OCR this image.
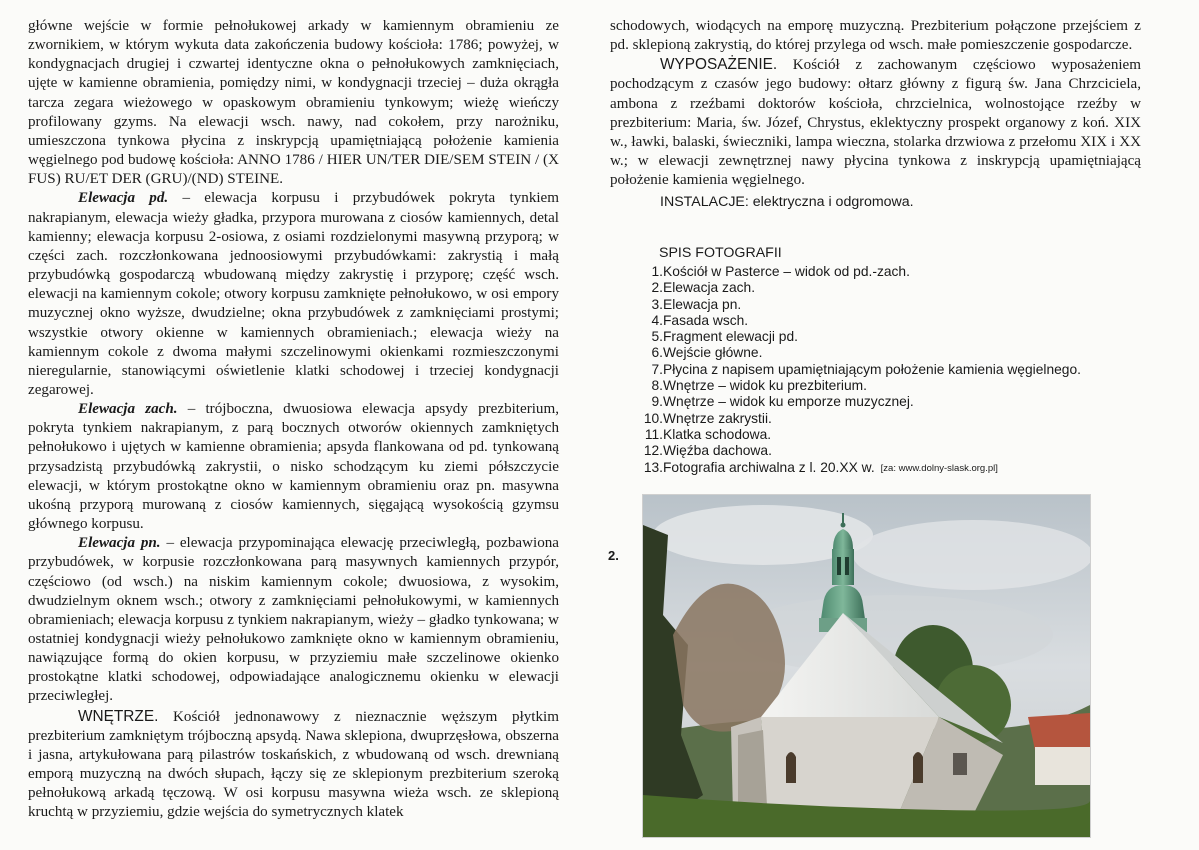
główne wejście w formie pełnołukowej arkady w kamiennym obramieniu ze zwornikiem, w którym wykuta data zakończenia budowy kościoła: 1786; powyżej, w kondygnacjach drugiej i czwartej identyczne okna o pełnołukowych zamknięciach, ujęte w kamienne obramienia, pomiędzy nimi, w kondygnacji trzeciej – duża okrągła tarcza zegara wieżowego w opaskowym obramieniu tynkowym; wieżę wieńczy profilowany gzyms. Na elewacji wsch. nawy, nad cokołem, przy narożniku, umieszczona tynkowa płycina z inskrypcją upamiętniającą położenie kamienia węgielnego pod budowę kościoła: ANNO 1786 / HIER UN/TER DIE/SEM STEIN / (X FUS) RU/ET DER (GRU)/(ND) STEINE.

Elewacja pd. – elewacja korpusu i przybudówek pokryta tynkiem nakrapianym, elewacja wieży gładka, przypora murowana z ciosów kamiennych, detal kamienny; elewacja korpusu 2-osiowa, z osiami rozdzielonymi masywną przyporą; w części zach. rozczłonkowana jednoosiowymi przybudówkami: zakrystią i małą przybudówką gospodarczą wbudowaną między zakrystię i przyporę; część wsch. elewacji na kamiennym cokole; otwory korpusu zamknięte pełnołukowo, w osi empory muzycznej okno wyższe, dwudzielne; okna przybudówek z zamknięciami prostymi; wszystkie otwory okienne w kamiennych obramieniach.; elewacja wieży na kamiennym cokole z dwoma małymi szczelinowymi okienkami rozmieszczonymi nieregularnie, stanowiącymi oświetlenie klatki schodowej i trzeciej kondygnacji zegarowej.

Elewacja zach. – trójboczna, dwuosiowa elewacja apsydy prezbiterium, pokryta tynkiem nakrapianym, z parą bocznych otworów okiennych zamkniętych pełnołukowo i ujętych w kamienne obramienia; apsyda flankowana od pd. tynkowaną przysadzistą przybudówką zakrystii, o nisko schodzącym ku ziemi półszczycie elewacji, w którym prostokątne okno w kamiennym obramieniu oraz pn. masywna ukośną przyporą murowaną z ciosów kamiennych, sięgającą wysokością gzymsu głównego korpusu.

Elewacja pn. – elewacja przypominająca elewację przeciwległą, pozbawiona przybudówek, w korpusie rozczłonkowana parą masywnych kamiennych przypór, częściowo (od wsch.) na niskim kamiennym cokole; dwuosiowa, z wysokim, dwudzielnym oknem wsch.; otwory z zamknięciami pełnołukowymi, w kamiennych obramieniach; elewacja korpusu z tynkiem nakrapianym, wieży – gładko tynkowana; w ostatniej kondygnacji wieży pełnołukowo zamknięte okno w kamiennym obramieniu, nawiązujące formą do okien korpusu, w przyziemiu małe szczelinowe okienko prostokątne klatki schodowej, odpowiadające analogicznemu okienku w elewacji przeciwległej.

WNĘTRZE. Kościół jednonawowy z nieznacznie węższym płytkim prezbiterium zamkniętym trójboczną apsydą. Nawa sklepiona, dwuprzęsłowa, obszerna i jasna, artykułowana parą pilastrów toskańskich, z wbudowaną od wsch. drewnianą emporą muzyczną na dwóch słupach, łączy się ze sklepionym prezbiterium szeroką pełnołukową arkadą tęczową. W osi korpusu masywna wieża wsch. ze sklepioną kruchtą w przyziemiu, gdzie wejścia do symetrycznych klatek

schodowych, wiodących na emporę muzyczną. Prezbiterium połączone przejściem z pd. sklepioną zakrystią, do której przylega od wsch. małe pomieszczenie gospodarcze.

WYPOSAŻENIE. Kościół z zachowanym częściowo wyposażeniem pochodzącym z czasów jego budowy: ołtarz główny z figurą św. Jana Chrzciciela, ambona z rzeźbami doktorów kościoła, chrzcielnica, wolnostojące rzeźby w prezbiterium: Maria, św. Józef, Chrystus, eklektyczny prospekt organowy z koń. XIX w., ławki, balaski, świeczniki, lampa wieczna, stolarka drzwiowa z przełomu XIX i XX w.; w elewacji zewnętrznej nawy płycina tynkowa z inskrypcją upamiętniającą położenie kamienia węgielnego.

INSTALACJE: elektryczna i odgromowa.

SPIS FOTOGRAFII

1. Kościół w Pasterce – widok od pd.-zach.
2. Elewacja zach.
3. Elewacja pn.
4. Fasada wsch.
5. Fragment elewacji pd.
6. Wejście główne.
7. Płycina z napisem upamiętniającym położenie kamienia węgielnego.
8. Wnętrze – widok ku prezbiterium.
9. Wnętrze – widok ku emporze muzycznej.
10. Wnętrze zakrystii.
11. Klatka schodowa.
12. Więźba dachowa.
13. Fotografia archiwalna z l. 20.XX w. [za: www.dolny-slask.org.pl]
2.
